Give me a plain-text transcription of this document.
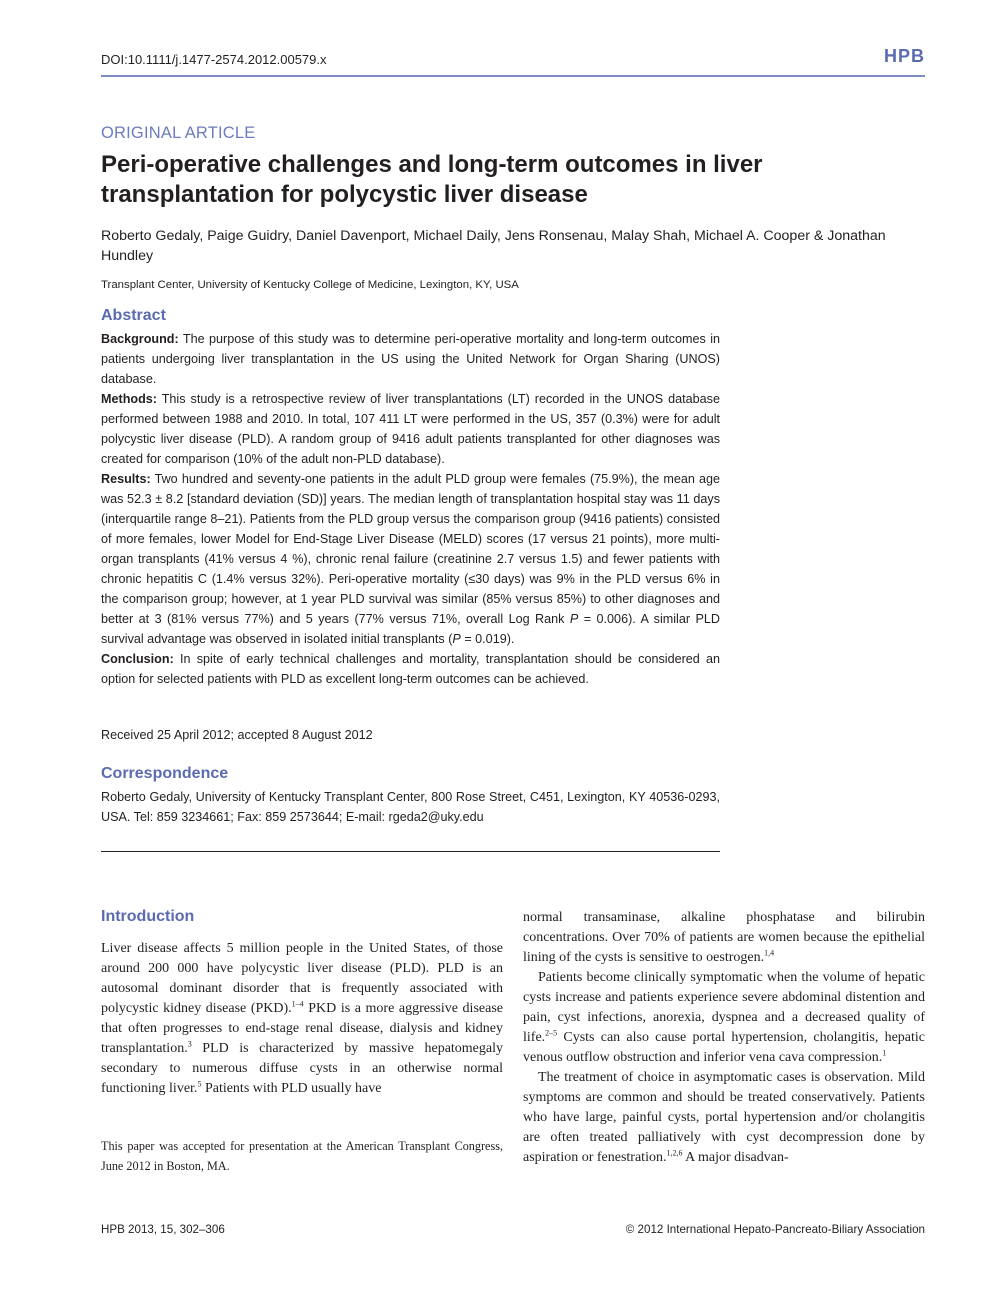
DOI:10.1111/j.1477-2574.2012.00579.x	HPB
ORIGINAL ARTICLE
Peri-operative challenges and long-term outcomes in liver transplantation for polycystic liver disease
Roberto Gedaly, Paige Guidry, Daniel Davenport, Michael Daily, Jens Ronsenau, Malay Shah, Michael A. Cooper & Jonathan Hundley
Transplant Center, University of Kentucky College of Medicine, Lexington, KY, USA
Abstract

Background: The purpose of this study was to determine peri-operative mortality and long-term outcomes in patients undergoing liver transplantation in the US using the United Network for Organ Sharing (UNOS) database.

Methods: This study is a retrospective review of liver transplantations (LT) recorded in the UNOS database performed between 1988 and 2010. In total, 107 411 LT were performed in the US, 357 (0.3%) were for adult polycystic liver disease (PLD). A random group of 9416 adult patients transplanted for other diagnoses was created for comparison (10% of the adult non-PLD database).

Results: Two hundred and seventy-one patients in the adult PLD group were females (75.9%), the mean age was 52.3 ± 8.2 [standard deviation (SD)] years. The median length of transplantation hospital stay was 11 days (interquartile range 8–21). Patients from the PLD group versus the comparison group (9416 patients) consisted of more females, lower Model for End-Stage Liver Disease (MELD) scores (17 versus 21 points), more multi-organ transplants (41% versus 4 %), chronic renal failure (creatinine 2.7 versus 1.5) and fewer patients with chronic hepatitis C (1.4% versus 32%). Peri-operative mortality (≤30 days) was 9% in the PLD versus 6% in the comparison group; however, at 1 year PLD survival was similar (85% versus 85%) to other diagnoses and better at 3 (81% versus 77%) and 5 years (77% versus 71%, overall Log Rank P = 0.006). A similar PLD survival advantage was observed in isolated initial transplants (P = 0.019).

Conclusion: In spite of early technical challenges and mortality, transplantation should be considered an option for selected patients with PLD as excellent long-term outcomes can be achieved.

Received 25 April 2012; accepted 8 August 2012
Correspondence
Roberto Gedaly, University of Kentucky Transplant Center, 800 Rose Street, C451, Lexington, KY 40536-0293, USA. Tel: 859 3234661; Fax: 859 2573644; E-mail: rgeda2@uky.edu
Introduction

Liver disease affects 5 million people in the United States, of those around 200 000 have polycystic liver disease (PLD). PLD is an autosomal dominant disorder that is frequently associated with polycystic kidney disease (PKD).$^{1-4}$ PKD is a more aggressive disease that often progresses to end-stage renal disease, dialysis and kidney transplantation.$^3$ PLD is characterized by massive hepatomegaly secondary to numerous diffuse cysts in an otherwise normal functioning liver.$^5$ Patients with PLD usually have

This paper was accepted for presentation at the American Transplant Congress, June 2012 in Boston, MA.

normal transaminase, alkaline phosphatase and bilirubin concentrations. Over 70% of patients are women because the epithelial lining of the cysts is sensitive to oestrogen.$^{1,4}$

Patients become clinically symptomatic when the volume of hepatic cysts increase and patients experience severe abdominal distention and pain, cyst infections, anorexia, dyspnea and a decreased quality of life.$^{2-5}$ Cysts can also cause portal hypertension, cholangitis, hepatic venous outflow obstruction and inferior vena cava compression.$^1$

The treatment of choice in asymptomatic cases is observation. Mild symptoms are common and should be treated conservatively. Patients who have large, painful cysts, portal hypertension and/or cholangitis are often treated palliatively with cyst decompression done by aspiration or fenestration.$^{1,2,6}$ A major disadvan-

HPB 2013, 15, 302–306	© 2012 International Hepato-Pancreato-Biliary Association
